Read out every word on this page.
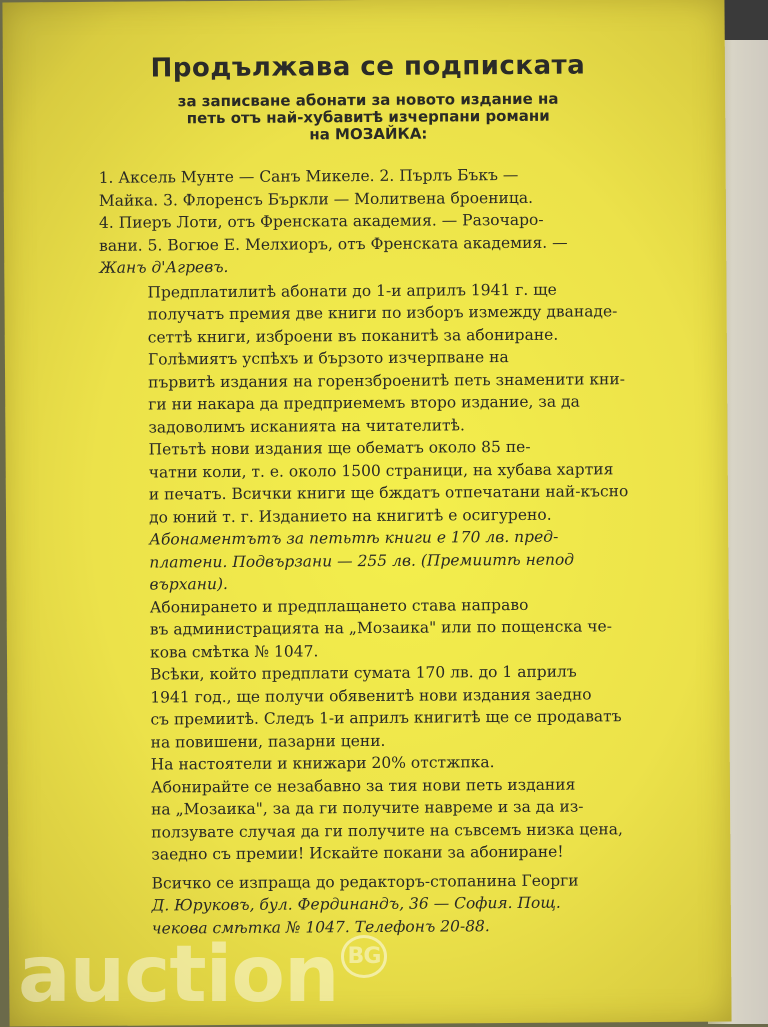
Продължава се подписката
за записване абонати за новото издание на
петь отъ най-хубавитѣ изчерпани романи
на МОЗАЙКА:

1. Аксель Мунте — Санъ Микеле. 2. Пърлъ Бъкъ —
Майка. 3. Флоренсъ Бъркли — Молитвена броеница.
4. Пиеръ Лоти, отъ Френската академия. — Разочаро-
вани. 5. Вогюе Е. Мелхиоръ, отъ Френската академия. —
Жанъ д'Агревъ.

Предплатилитѣ абонати до 1-и априлъ 1941 г. ще
получатъ премия две книги по изборъ измежду дванаде-
сеттѣ книги, изброени въ поканитѣ за абониране.

Голѣмиятъ успѣхъ и бързото изчерпване на
първитѣ издания на горензброенитѣ петь знаменити кни-
ги ни накара да предприемемъ второ издание, за да
задоволимъ исканията на читателитѣ.

Петьтѣ нови издания ще обематъ около 85 пе-
чатни коли, т. е. около 1500 страници, на хубава хартия
и печатъ. Всички книги ще бждатъ отпечатани най-късно
до юний т. г. Изданието на книгитѣ е осигурено.

Абонаментътъ за петьтѣ книги е 170 лв. пред-
платени. Подвързани — 255 лв. (Премиитѣ непод
върхани).

Абонирането и предплащането става направо
въ администрацията на „Мозаика" или по пощенска че-
кова смѣтка № 1047.

Всѣки, който предплати сумата 170 лв. до 1 априлъ
1941 год., ще получи обявенитѣ нови издания заедно
съ премиитѣ. Следъ 1-и априлъ книгитѣ ще се продаватъ
на повишени, пазарни цени.

На настоятели и книжари 20% отстжпка.

Абонирайте се незабавно за тия нови петь издания
на „Мозаика", за да ги получите навреме и за да из-
ползувате случая да ги получите на съвсемъ низка цена,
заедно съ премии! Искайте покани за абониране!

Всичко се изпраща до редакторъ-стопанина Георги
Д. Юруковъ, бул. Фердинандъ, 36 — София. Пощ.
чекова смѣтка № 1047. Телефонъ 20-88.

auction $^{BG}$
